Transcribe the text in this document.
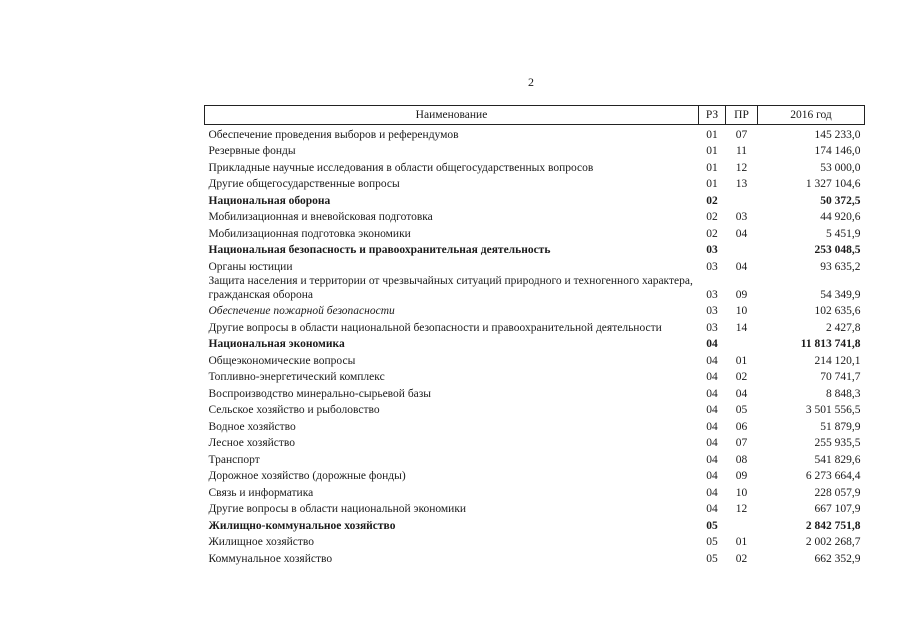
2
Наименование	РЗ	ПР	2016 год
Обеспечение проведения выборов и референдумов	01	07	145 233,0
Резервные фонды	01	11	174 146,0
Прикладные научные исследования в области общегосударственных вопросов	01	12	53 000,0
Другие общегосударственные вопросы	01	13	1 327 104,6
Национальная оборона	02		50 372,5
Мобилизационная и вневойсковая подготовка	02	03	44 920,6
Мобилизационная подготовка экономики	02	04	5 451,9
Национальная безопасность и правоохранительная деятельность	03		253 048,5
Органы юстиции	03	04	93 635,2
Защита населения и территории от чрезвычайных ситуаций природного и техногенного характера, гражданская оборона	03	09	54 349,9
Обеспечение пожарной безопасности	03	10	102 635,6
Другие вопросы в области национальной безопасности и правоохранительной деятельности	03	14	2 427,8
Национальная экономика	04		11 813 741,8
Общеэкономические вопросы	04	01	214 120,1
Топливно-энергетический комплекс	04	02	70 741,7
Воспроизводство минерально-сырьевой базы	04	04	8 848,3
Сельское хозяйство и рыболовство	04	05	3 501 556,5
Водное хозяйство	04	06	51 879,9
Лесное хозяйство	04	07	255 935,5
Транспорт	04	08	541 829,6
Дорожное хозяйство (дорожные фонды)	04	09	6 273 664,4
Связь и информатика	04	10	228 057,9
Другие вопросы в области национальной экономики	04	12	667 107,9
Жилищно-коммунальное хозяйство	05		2 842 751,8
Жилищное хозяйство	05	01	2 002 268,7
Коммунальное хозяйство	05	02	662 352,9
